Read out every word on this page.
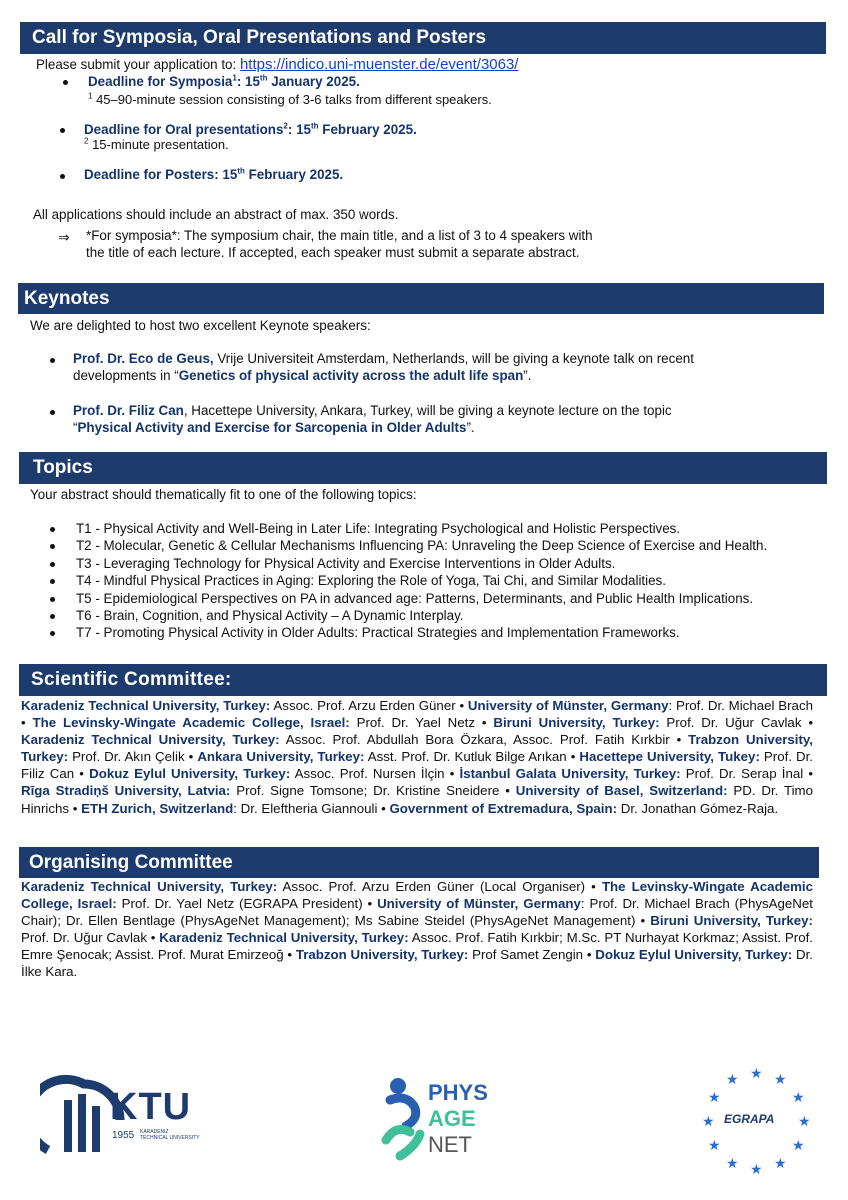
Call for Symposia, Oral Presentations and Posters
Please submit your application to: https://indico.uni-muenster.de/event/3063/
Deadline for Symposia$^1$: 15th January 2025.
$^1$ 45–90-minute session consisting of 3-6 talks from different speakers.
Deadline for Oral presentations$^2$: 15th February 2025.
$^2$ 15-minute presentation.
Deadline for Posters: 15th February 2025.
All applications should include an abstract of max. 350 words.
⇒ *For symposia*: The symposium chair, the main title, and a list of 3 to 4 speakers with
the title of each lecture. If accepted, each speaker must submit a separate abstract.
Keynotes
We are delighted to host two excellent Keynote speakers:
Prof. Dr. Eco de Geus, Vrije Universiteit Amsterdam, Netherlands, will be giving a keynote talk on recent
developments in “Genetics of physical activity across the adult life span”.
Prof. Dr. Filiz Can, Hacettepe University, Ankara, Turkey, will be giving a keynote lecture on the topic
“Physical Activity and Exercise for Sarcopenia in Older Adults”.
Topics
Your abstract should thematically fit to one of the following topics:
T1 - Physical Activity and Well-Being in Later Life: Integrating Psychological and Holistic Perspectives.
T2 - Molecular, Genetic & Cellular Mechanisms Influencing PA: Unraveling the Deep Science of Exercise and Health.
T3 - Leveraging Technology for Physical Activity and Exercise Interventions in Older Adults.
T4 - Mindful Physical Practices in Aging: Exploring the Role of Yoga, Tai Chi, and Similar Modalities.
T5 - Epidemiological Perspectives on PA in advanced age: Patterns, Determinants, and Public Health Implications.
T6 - Brain, Cognition, and Physical Activity – A Dynamic Interplay.
T7 - Promoting Physical Activity in Older Adults: Practical Strategies and Implementation Frameworks.
Scientific Committee:
Karadeniz Technical University, Turkey: Assoc. Prof. Arzu Erden Güner • University of Münster, Germany: Prof. Dr. Michael Brach • The Levinsky-Wingate Academic College, Israel: Prof. Dr. Yael Netz • Biruni University, Turkey: Prof. Dr. Uğur Cavlak • Karadeniz Technical University, Turkey: Assoc. Prof. Abdullah Bora Özkara, Assoc. Prof. Fatih Kırkbir • Trabzon University, Turkey: Prof. Dr. Akın Çelik • Ankara University, Turkey: Asst. Prof. Dr. Kutluk Bilge Arıkan • Hacettepe University, Tukey: Prof. Dr. Filiz Can • Dokuz Eylul University, Turkey: Assoc. Prof. Nursen İlçin • İstanbul Galata University, Turkey: Prof. Dr. Serap İnal • Rīga Stradiņš University, Latvia: Prof. Signe Tomsone; Dr. Kristine Sneidere • University of Basel, Switzerland: PD. Dr. Timo Hinrichs • ETH Zurich, Switzerland: Dr. Eleftheria Giannouli • Government of Extremadura, Spain: Dr. Jonathan Gómez-Raja.
Organising Committee
Karadeniz Technical University, Turkey: Assoc. Prof. Arzu Erden Güner (Local Organiser) • The Levinsky-Wingate Academic College, Israel: Prof. Dr. Yael Netz (EGRAPA President) • University of Münster, Germany: Prof. Dr. Michael Brach (PhysAgeNet Chair); Dr. Ellen Bentlage (PhysAgeNet Management); Ms Sabine Steidel (PhysAgeNet Management) • Biruni University, Turkey: Prof. Dr. Uğur Cavlak • Karadeniz Technical University, Turkey: Assoc. Prof. Fatih Kırkbir; M.Sc. PT Nurhayat Korkmaz; Assist. Prof. Emre Şenocak; Assist. Prof. Murat Emirzeoğ • Trabzon University, Turkey: Prof Samet Zengin • Dokuz Eylul University, Turkey: Dr. İlke Kara.
KTU
1955 KARADENIZ
TECHNICAL UNIVERSITY
PHYS
AGE
NET
★ ★
★
★
★
★
★
★
★
★
★
★
EGRAPA
